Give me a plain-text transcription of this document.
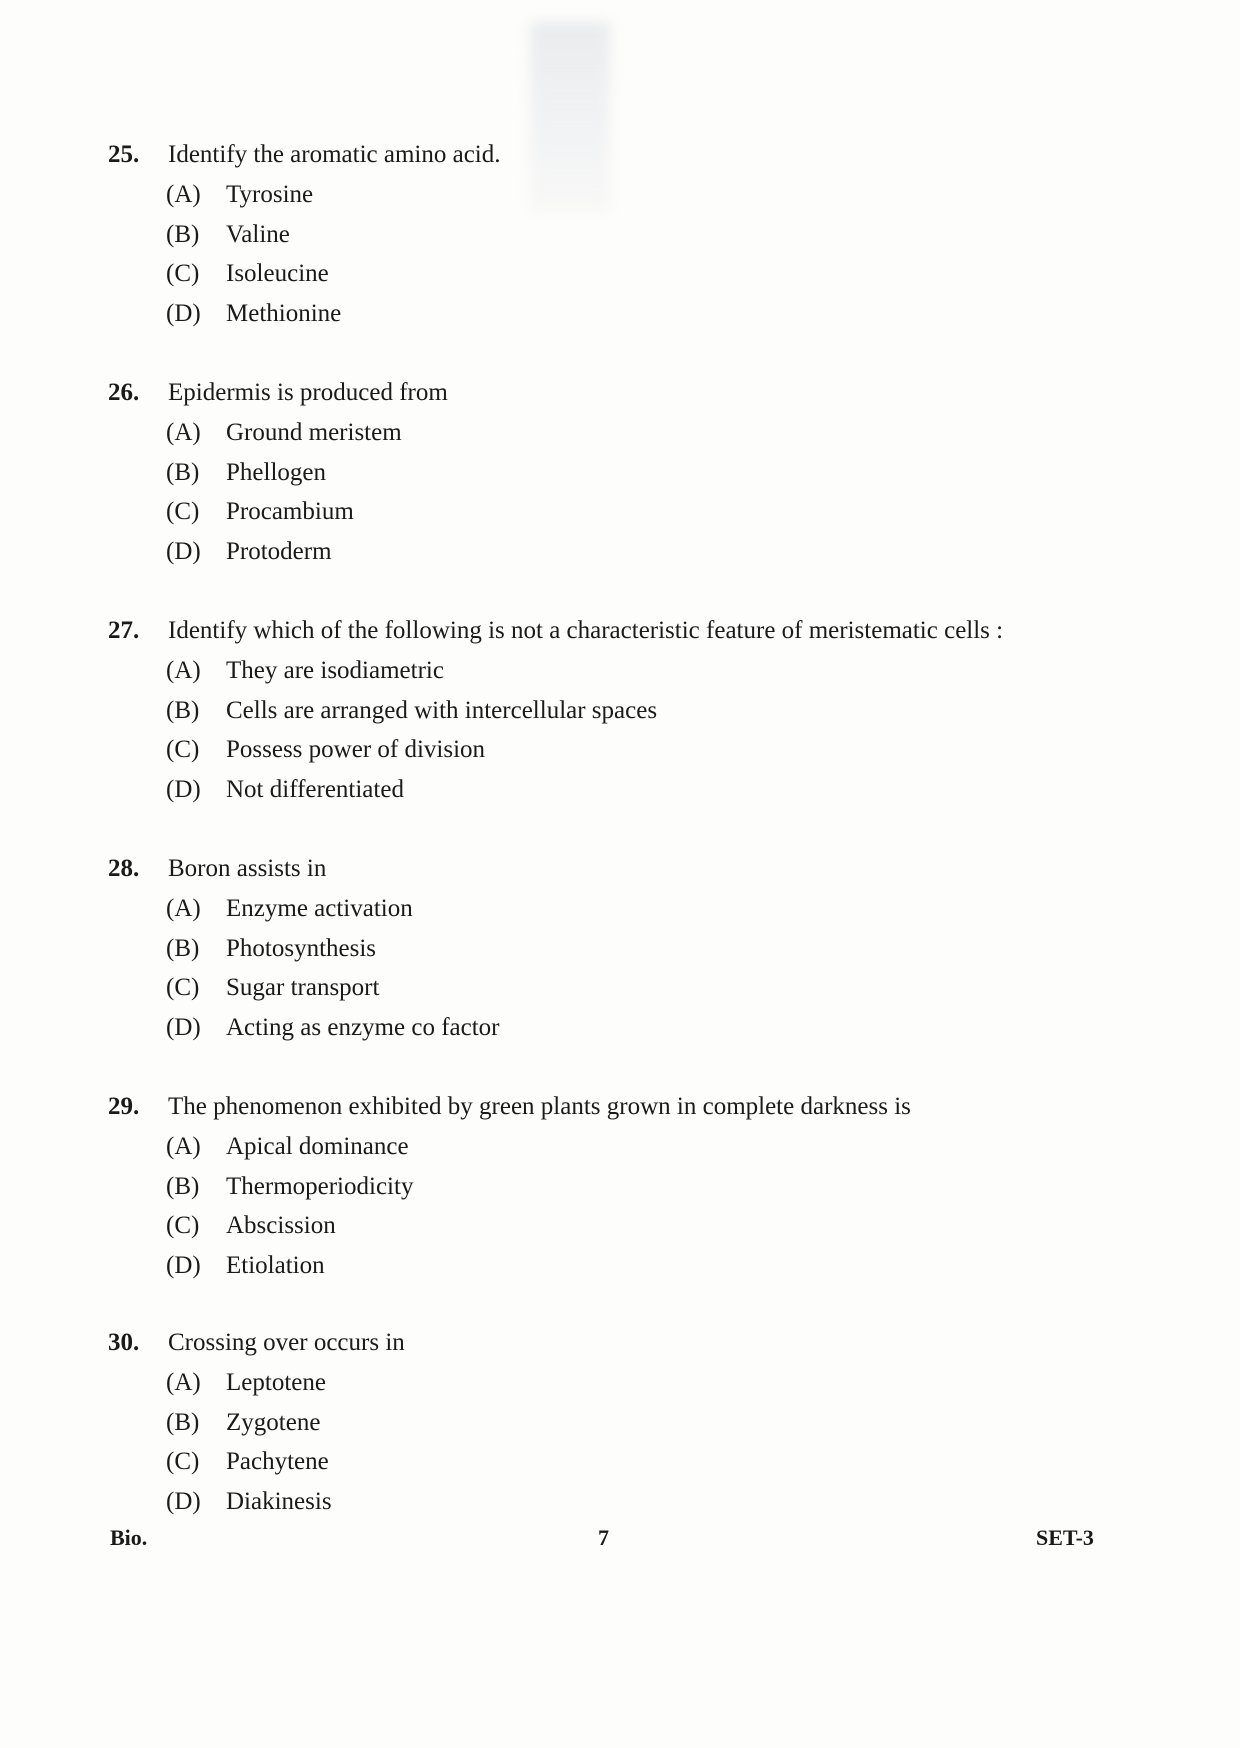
25.	Identify the aromatic amino acid.
(A)	Tyrosine
(B)	Valine
(C)	Isoleucine
(D)	Methionine
26.	Epidermis is produced from
(A)	Ground meristem
(B)	Phellogen
(C)	Procambium
(D)	Protoderm
27.	Identify which of the following is not a characteristic feature of meristematic cells :
(A)	They are isodiametric
(B)	Cells are arranged with intercellular spaces
(C)	Possess power of division
(D)	Not differentiated
28.	Boron assists in
(A)	Enzyme activation
(B)	Photosynthesis
(C)	Sugar transport
(D)	Acting as enzyme co factor
29.	The phenomenon exhibited by green plants grown in complete darkness is
(A)	Apical dominance
(B)	Thermoperiodicity
(C)	Abscission
(D)	Etiolation
30.	Crossing over occurs in
(A)	Leptotene
(B)	Zygotene
(C)	Pachytene
(D)	Diakinesis
Bio.	7	SET-3
